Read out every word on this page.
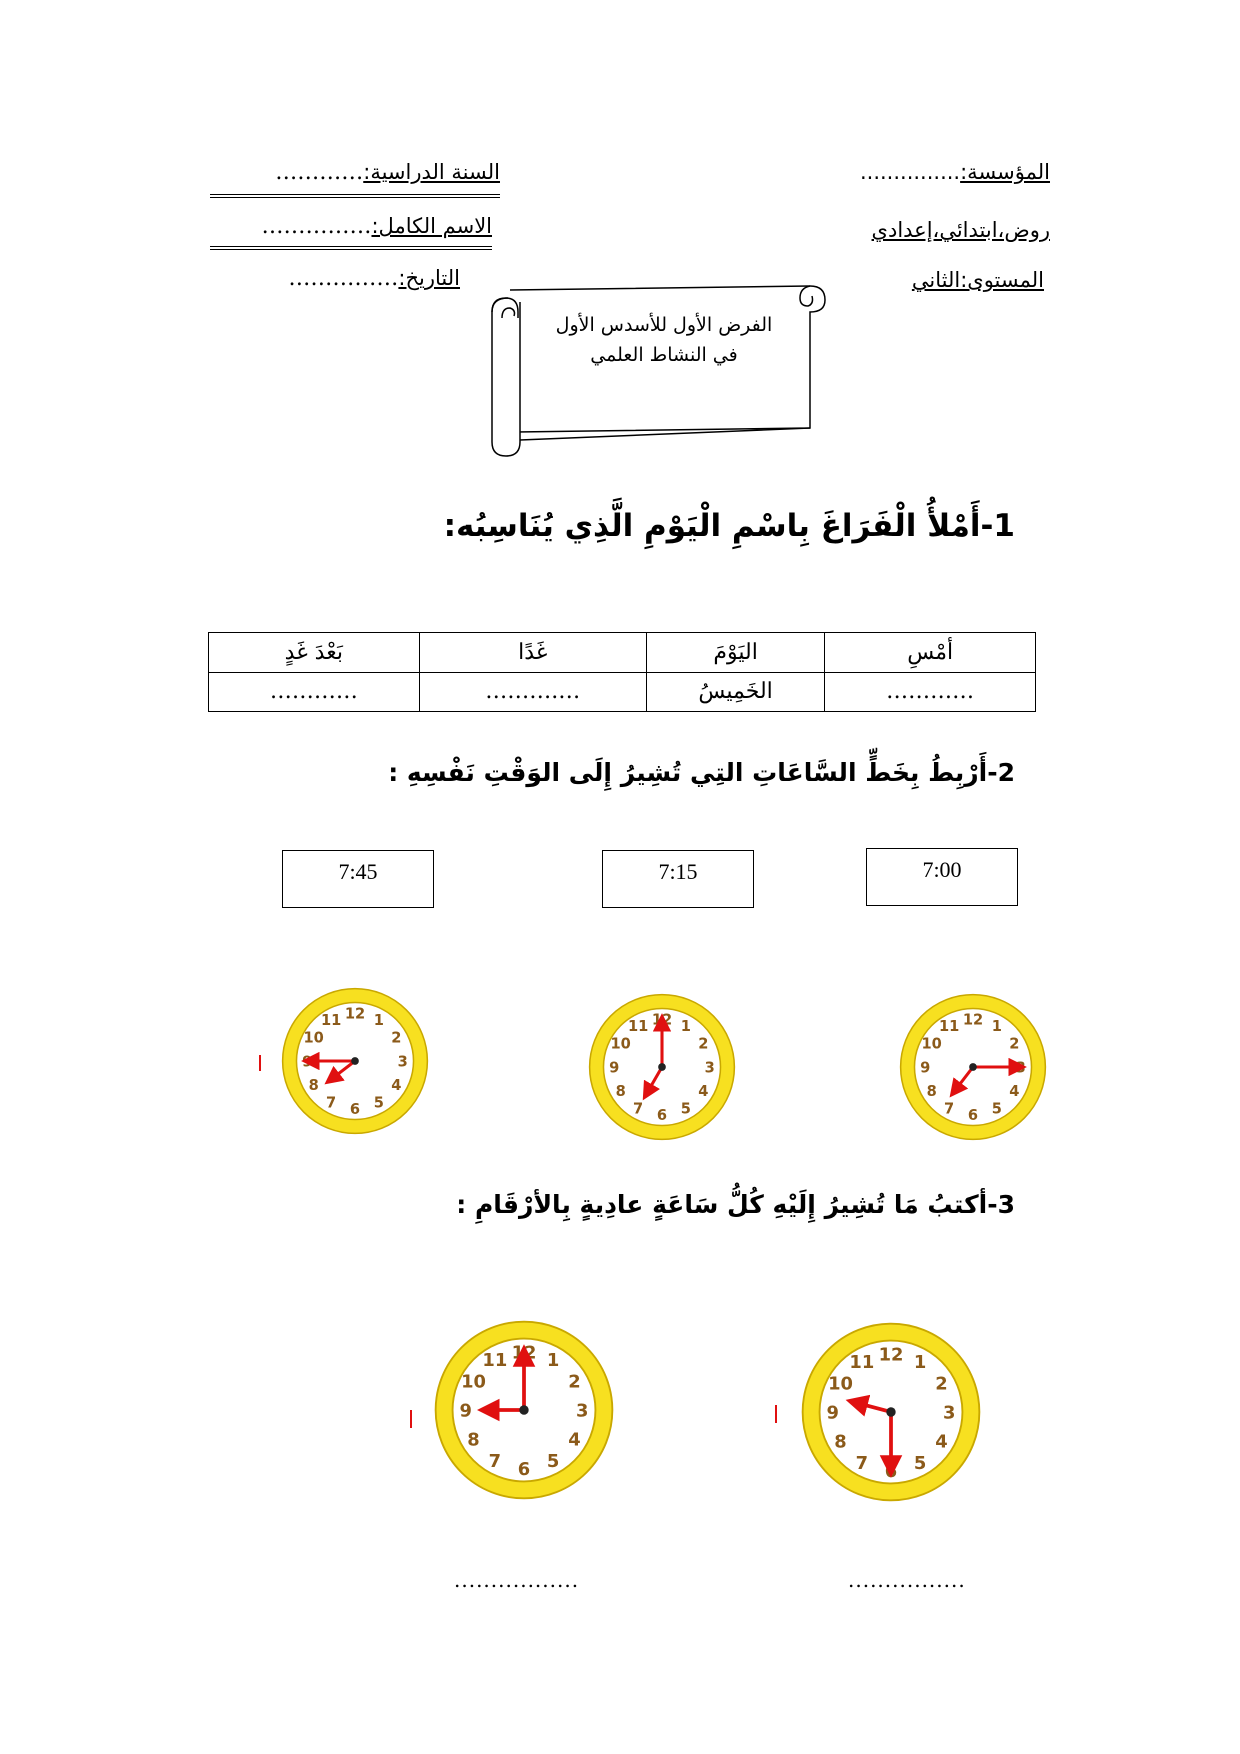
المؤسسة:...............
روض،ابتدائي،إعدادي
المستوى:الثاني
السنة الدراسية:…………
الاسم الكامل:……………
التاريخ:……………
الفرض الأول للأسدس الأول
في النشاط العلمي
1-أَمْلأُ الْفَرَاغَ بِاسْمِ الْيَوْمِ الَّذِي يُنَاسِبُه:
بَعْدَ غَدٍ	غَدًا	اليَوْمَ	أمْسِ
…………	……….…	الخَمِيسُ	…………
2-أَرْبِطُ بِخَطٍّ السَّاعَاتِ التِي تُشِيرُ إِلَى الوَقْتِ نَفْسِهِ :
7:00
7:15
7:45
12 1
2
3
4
5
6
7
8
9
10
11
12 1
2
3
4
5
6
7
8
9
10
11
12 1
2
3
4
5
6
7
8
9
10
11
3-أكتبُ مَا تُشِيرُ إِلَيْهِ كُلُّ سَاعَةٍ عادِيةٍ بِالأرْقَامِ :
12 1
2
3
4
5
6
7
8
9
10
11	12 1
2
3
4
5
6
7
8
9
10
11
.................	................
